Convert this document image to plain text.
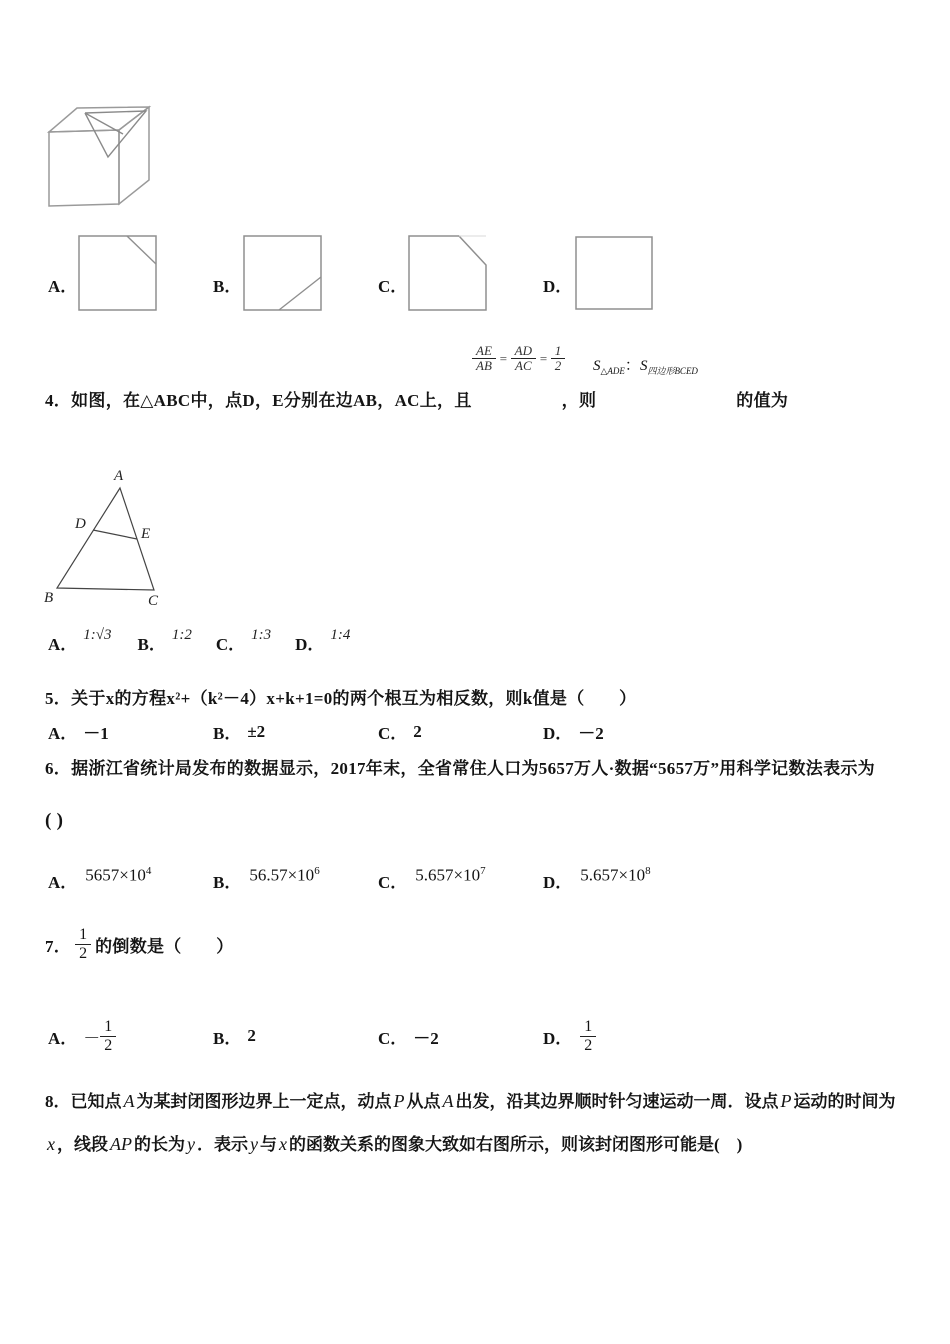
A．	B．	C．	D．
$\frac{AE}{AB} = \frac{AD}{AC} = \frac{1}{2} S_{\triangle ADE}$：$S_{四边形BCED}$
4．如图，在△ABC中，点D，E分别在边AB，AC上，且	，则	的值为
A
B	C
D
E
A． 1:√3 B． 1:2 C． 1:3 D． 1:4
5．关于x的方程x²+（k²－4）x+k+1=0的两个根互为相反数，则k值是（　　）
A． －1	B． ±2	C． 2	D． －2
6．据浙江省统计局发布的数据显示，2017年末，全省常住人口为5657万人·数据“5657万”用科学记数法表示为
( )
A． $5657\times 10^4$
B． $56.57\times 10^6$
C． $5.657\times 10^7$
D． $5.657\times 10^8$
7． $\frac{1}{2}$ 的倒数是（　　）
A． － $\frac{1}{2}$	B． 2	C． －2	D． $\frac{1}{2}$
8．已知点 A 为某封闭图形边界上一定点，动点 P 从点 A 出发，沿其边界顺时针匀速运动一周．设点 P 运动的时间为
x ，线段 AP 的长为 y ．表示 y 与 x 的函数关系的图象大致如右图所示，则该封闭图形可能是(　)
